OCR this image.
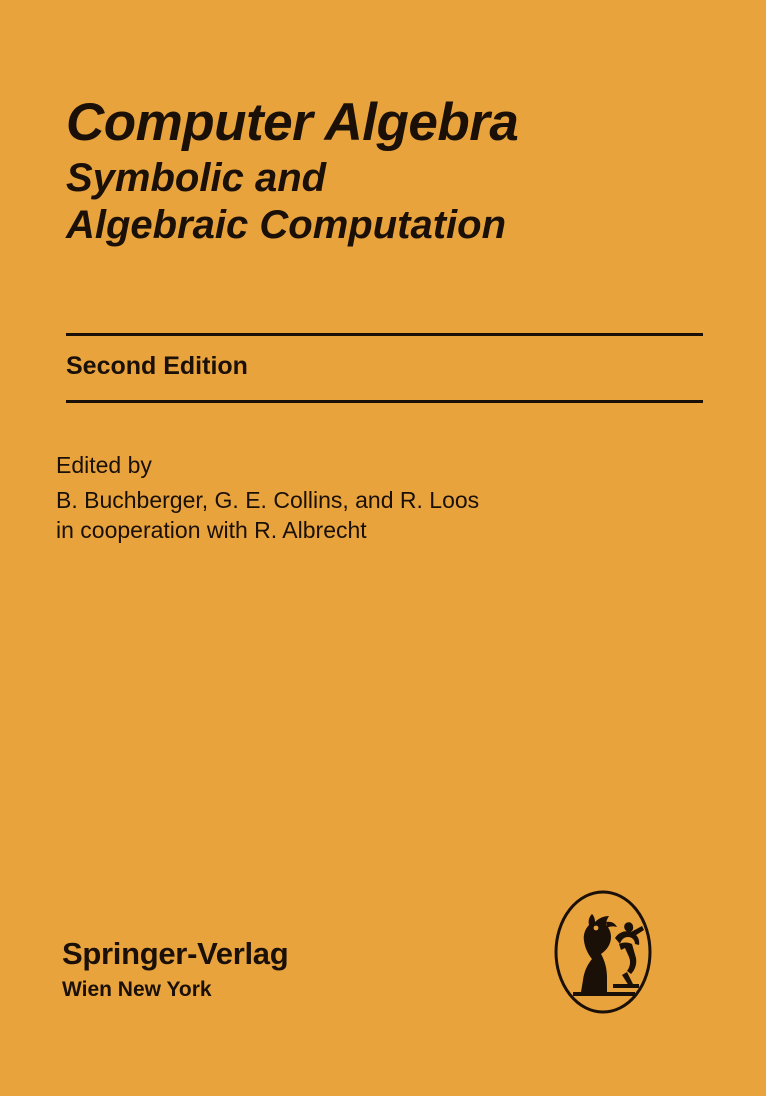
Computer Algebra
Symbolic and
Algebraic Computation
Second Edition
Edited by
B. Buchberger, G. E. Collins, and R. Loos
in cooperation with R. Albrecht
Springer-Verlag
Wien New York
